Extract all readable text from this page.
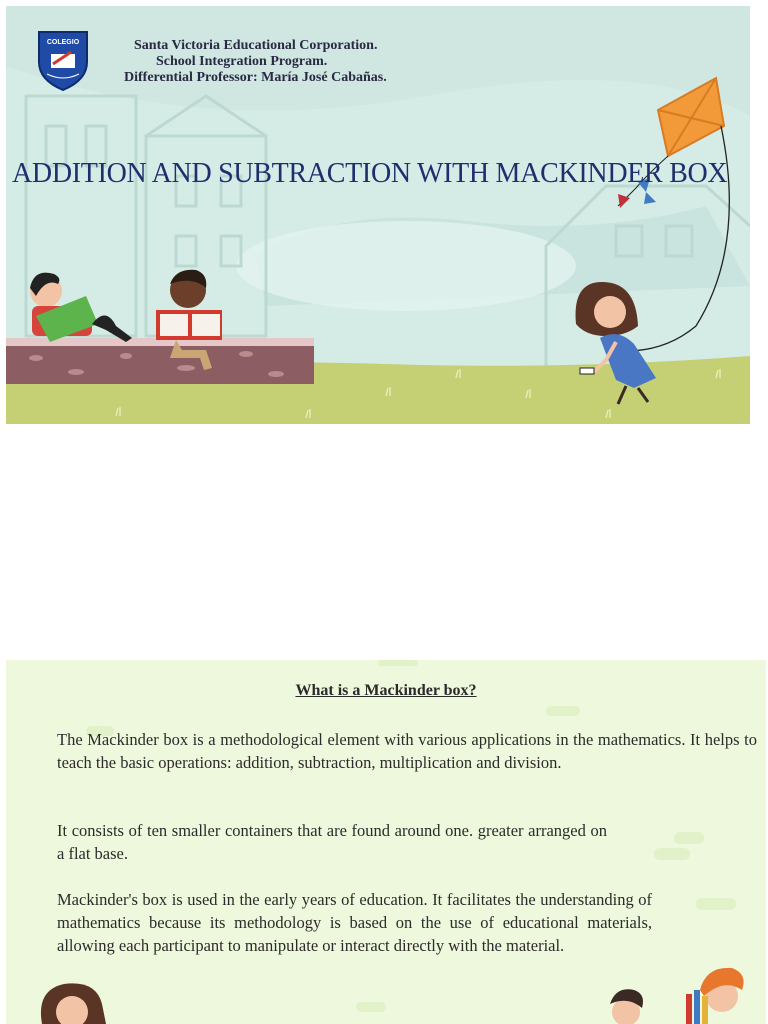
COLEGIO	Santa Victoria Educational Corporation.
School Integration Program.
Differential Professor: María José Cabañas.
ADDITION AND SUBTRACTION WITH MACKINDER BOX
What is a Mackinder box?
The Mackinder box is a methodological element with various applications in the mathematics. It helps to teach the basic operations: addition, subtraction, multiplication and division.
It consists of ten smaller containers that are found around one. greater arranged on a flat base.
Mackinder's box is used in the early years of education. It facilitates the understanding of mathematics because its methodology is based on the use of educational materials, allowing each participant to manipulate or interact directly with the material.
